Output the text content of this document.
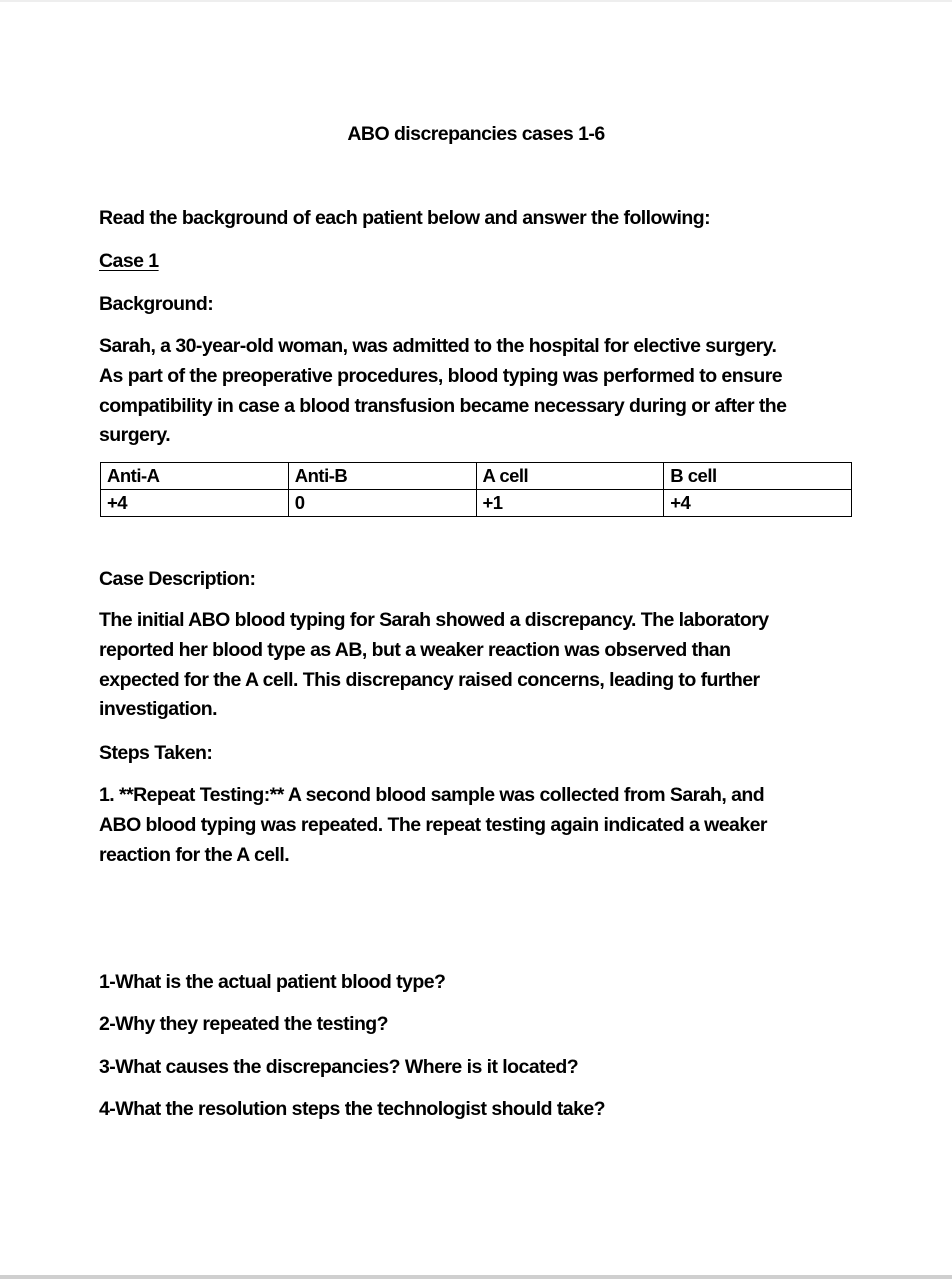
ABO discrepancies cases 1-6
Read the background of each patient below and answer the following:
Case 1
Background:
Sarah, a 30-year-old woman, was admitted to the hospital for elective surgery.
As part of the preoperative procedures, blood typing was performed to ensure
compatibility in case a blood transfusion became necessary during or after the
surgery.
Anti-A	Anti-B	A cell	B cell
+4	0	+1	+4
Case Description:
The initial ABO blood typing for Sarah showed a discrepancy. The laboratory
reported her blood type as AB, but a weaker reaction was observed than
expected for the A cell. This discrepancy raised concerns, leading to further
investigation.
Steps Taken:
1. **Repeat Testing:** A second blood sample was collected from Sarah, and
ABO blood typing was repeated. The repeat testing again indicated a weaker
reaction for the A cell.
1-What is the actual patient blood type?
2-Why they repeated the testing?
3-What causes the discrepancies? Where is it located?
4-What the resolution steps the technologist should take?
